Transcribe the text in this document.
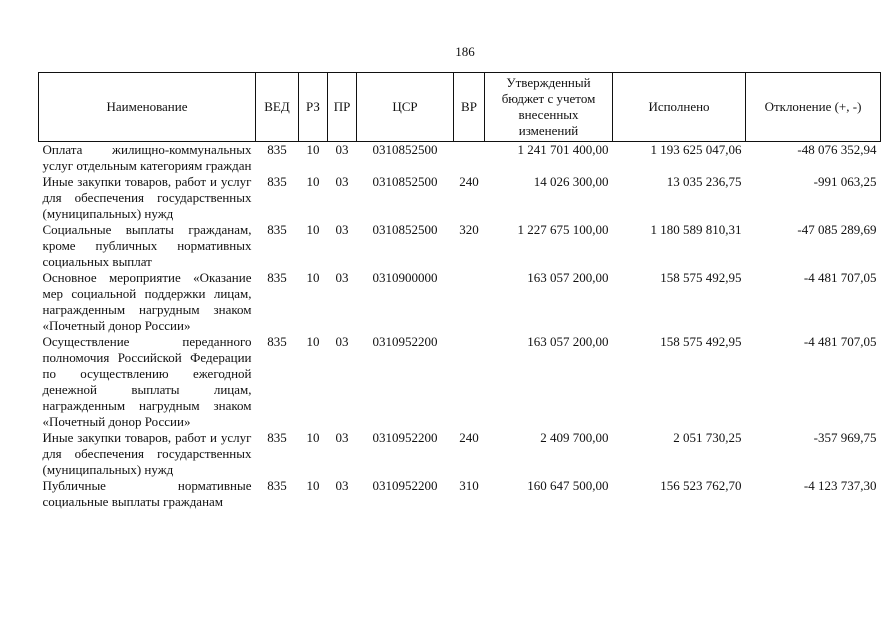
186
Наименование	ВЕД	РЗ	ПР	ЦСР	ВР	Утвержденный бюджет с учетом внесенных изменений	Исполнено	Отклонение (+, -)
Оплата жилищно-коммунальных услуг отдельным категориям граждан	835	10	03	0310852500		1 241 701 400,00	1 193 625 047,06	-48 076 352,94
Иные закупки товаров, работ и услуг для обеспечения государственных (муниципальных) нужд	835	10	03	0310852500	240	14 026 300,00	13 035 236,75	-991 063,25
Социальные выплаты гражданам, кроме публичных нормативных социальных выплат	835	10	03	0310852500	320	1 227 675 100,00	1 180 589 810,31	-47 085 289,69
Основное мероприятие «Оказание мер социальной поддержки лицам, награжденным нагрудным знаком «Почетный донор России»	835	10	03	0310900000		163 057 200,00	158 575 492,95	-4 481 707,05
Осуществление переданного полномочия Российской Федерации по осуществлению ежегодной денежной выплаты лицам, награжденным нагрудным знаком «Почетный донор России»	835	10	03	0310952200		163 057 200,00	158 575 492,95	-4 481 707,05
Иные закупки товаров, работ и услуг для обеспечения государственных (муниципальных) нужд	835	10	03	0310952200	240	2 409 700,00	2 051 730,25	-357 969,75
Публичные нормативные социальные выплаты гражданам	835	10	03	0310952200	310	160 647 500,00	156 523 762,70	-4 123 737,30
